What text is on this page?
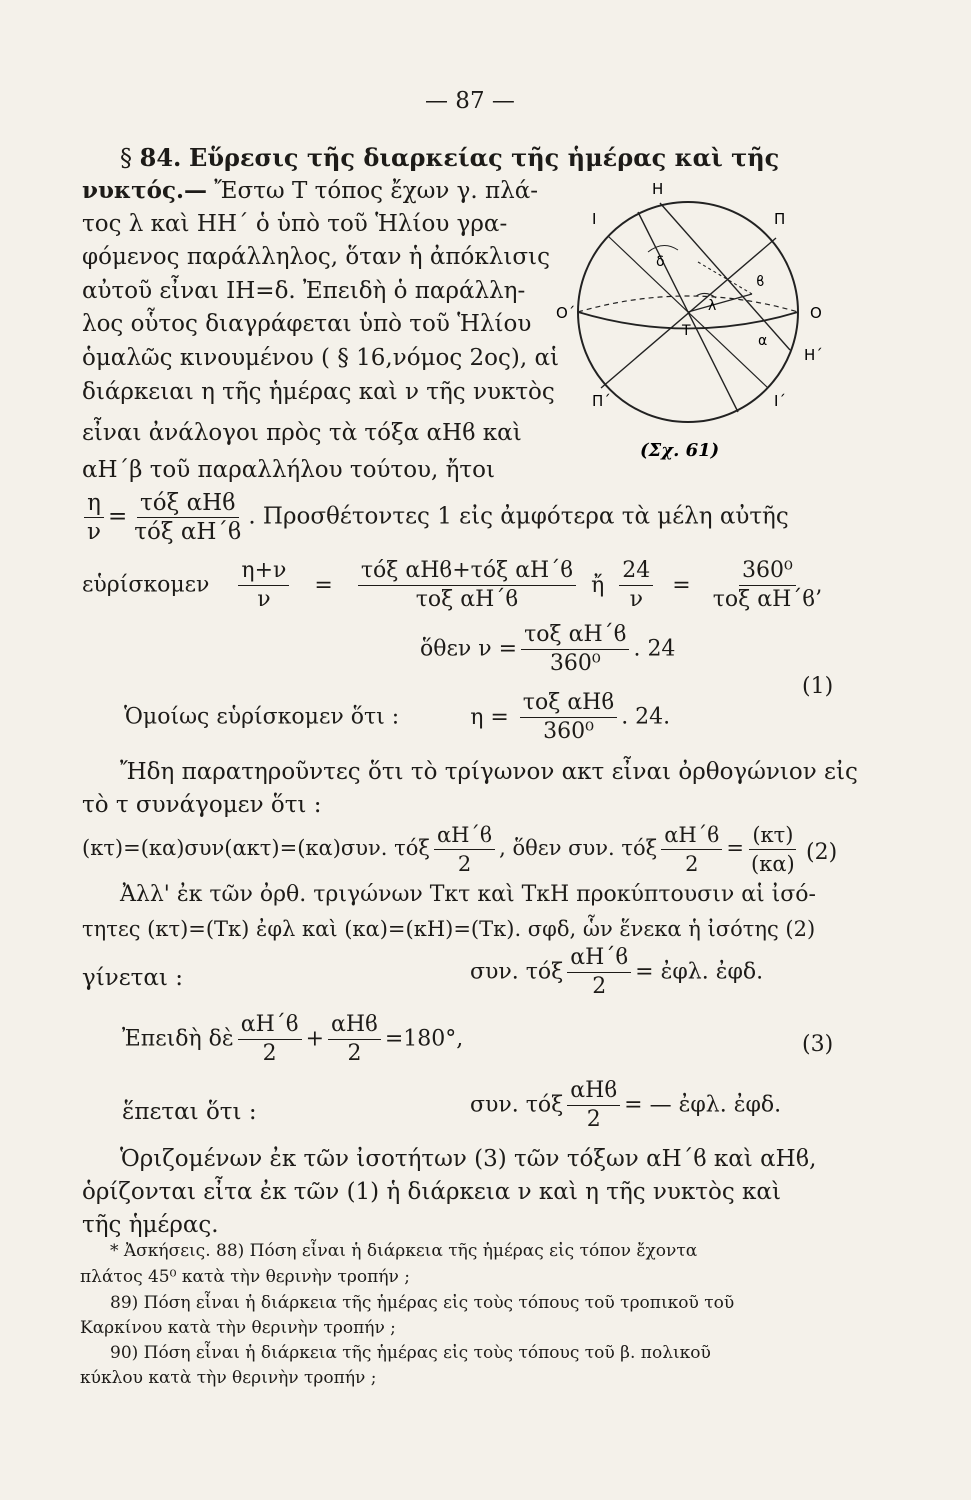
— 87 —
§ 84. Εὕρεσις τῆς διαρκείας τῆς ἡμέρας καὶ τῆς
νυκτός.— Ἔστω Τ τόπος ἔχων γ. πλά-
τος λ καὶ ΗΗ΄ ὁ ὑπὸ τοῦ Ἡλίου γρα-
φόμενος παράλληλος, ὅταν ἡ ἀπόκλισις
αὐτοῦ εἶναι ΙΗ=δ. Ἐπειδὴ ὁ παράλλη-
λος οὗτος διαγράφεται ὑπὸ τοῦ Ἡλίου
ὁμαλῶς κινουμένου ( § 16,νόμος 2ος), αἱ
διάρκειαι η τῆς ἡμέρας καὶ ν τῆς νυκτὸς
εἶναι ἀνάλογοι πρὸς τὰ τόξα αΗϐ καὶ
αΗ΄β τοῦ παραλλήλου τούτου, ἤτοι
Η
Ι	Π
δ
ϐ
λ
Ο΄	Ο
Τ
α
Η΄
Π΄	Ι΄
(Σχ. 61)
$\frac{\eta}{\nu} = \frac{\text{τόξ αΗϐ}}{\text{τόξ αΗ΄ϐ}}$ . Προσθέτοντες 1 εἰς ἀμφότερα τὰ μέλη αὐτῆς
εὑρίσκομεν $\frac{\eta+\nu}{\nu} = \frac{\text{τόξ αΗϐ+τόξ αΗ΄ϐ}}{\text{τοξ αΗ΄ϐ}}$ ἤ $\frac{24}{\nu} = \frac{\text{360⁰}}{\text{τοξ αΗ΄ϐ’}}$
ὅθεν $\nu = \frac{\text{τοξ αΗ΄ϐ}}{\text{360⁰}}$ . 24
Ὁμοίως εὑρίσκομεν ὅτι :	$\eta = \frac{\text{τοξ αΗϐ}}{\text{360⁰}}$ . 24.
(1)
Ἤδη παρατηροῦντες ὅτι τὸ τρίγωνον ακτ εἶναι ὀρθογώνιον εἰς
τὸ τ συνάγομεν ὅτι :
(κτ)=(κα)συν(ακτ)=(κα)συν. τόξ $\frac{\alpha H΄ϐ}{2}$ , ὅθεν συν. τόξ $\frac{\alpha H΄ϐ}{2} = \frac{(\kappa\tau)}{(\kappa\alpha)} (2)$
Ἀλλ' ἐκ τῶν ὀρθ. τριγώνων Τκτ καὶ ΤκΗ προκύπτουσιν αἱ ἰσό-
τητες (κτ)=(Τκ) ἐφλ καὶ (κα)=(κΗ)=(Τκ). σφδ, ὧν ἕνεκα ἡ ἰσότης (2)
γίνεται :	συν. τόξ $\frac{\alpha H΄ϐ}{2}$ = ἐφλ. ἐφδ.
Ἐπειδὴ δὲ $\frac{\alpha H΄ϐ}{2} + \frac{\text{αΗϐ}}{2} =180^\circ$,	(3)
ἕπεται ὅτι :	συν. τόξ $\frac{\text{αΗϐ}}{2}$ = — ἐφλ. ἐφδ.
Ὁριζομένων ἐκ τῶν ἰσοτήτων (3) τῶν τόξων αΗ΄ϐ καὶ αΗϐ,
ὁρίζονται εἶτα ἐκ τῶν (1) ἡ διάρκεια ν καὶ η τῆς νυκτὸς καὶ
τῆς ἡμέρας.
* Ἀσκήσεις. 88) Πόση εἶναι ἡ διάρκεια τῆς ἡμέρας εἰς τόπον ἔχοντα
πλάτος 45⁰ κατὰ τὴν θερινὴν τροπήν ;
89) Πόση εἶναι ἡ διάρκεια τῆς ἡμέρας εἰς τοὺς τόπους τοῦ τροπικοῦ τοῦ
Καρκίνου κατὰ τὴν θερινὴν τροπήν ;
90) Πόση εἶναι ἡ διάρκεια τῆς ἡμέρας εἰς τοὺς τόπους τοῦ β. πολικοῦ
κύκλου κατὰ τὴν θερινὴν τροπήν ;
